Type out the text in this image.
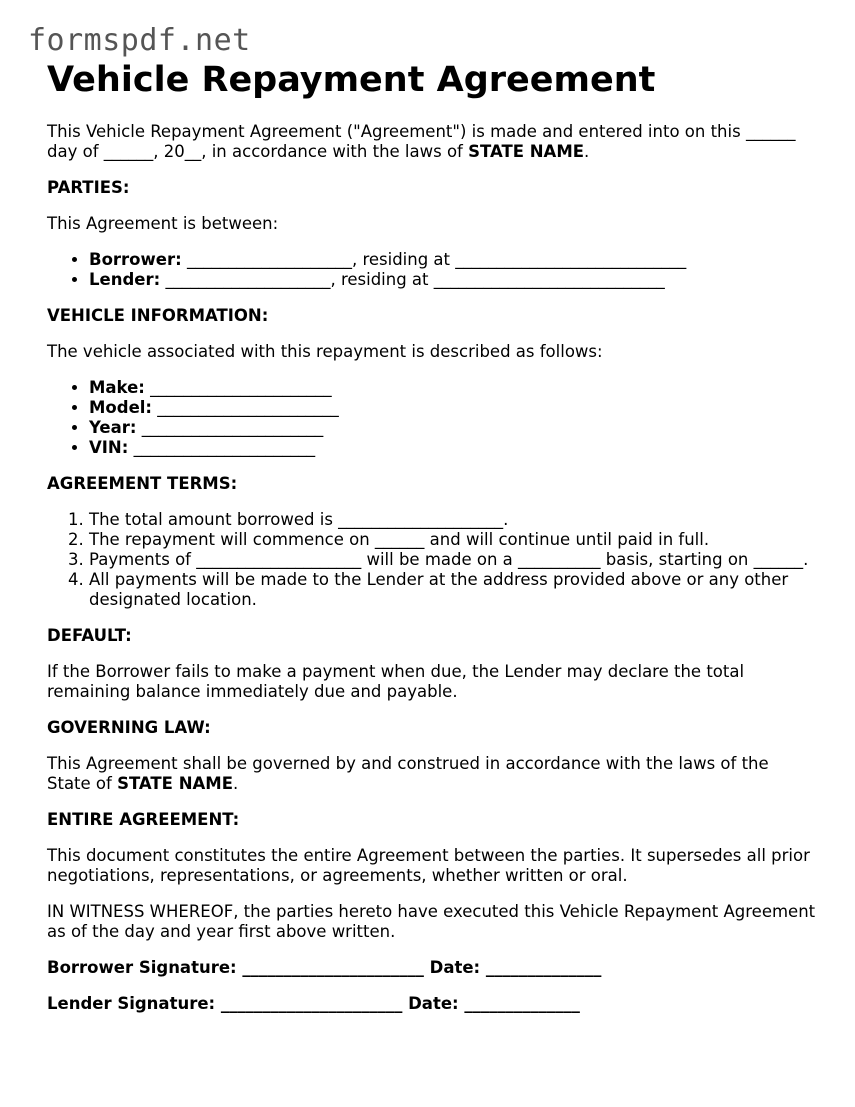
formspdf.net
Vehicle Repayment Agreement

This Vehicle Repayment Agreement ("Agreement") is made and entered into on this ______ day of ______, 20__, in accordance with the laws of STATE NAME.

PARTIES:

This Agreement is between:

• Borrower: ____________________, residing at ____________________________
• Lender: ____________________, residing at ____________________________

VEHICLE INFORMATION:

The vehicle associated with this repayment is described as follows:

• Make: ______________________
• Model: ______________________
• Year: ______________________
• VIN: ______________________

AGREEMENT TERMS:

1. The total amount borrowed is ____________________.
2. The repayment will commence on ______ and will continue until paid in full.
3. Payments of ____________________ will be made on a __________ basis, starting on ______.
4. All payments will be made to the Lender at the address provided above or any other designated location.

DEFAULT:

If the Borrower fails to make a payment when due, the Lender may declare the total remaining balance immediately due and payable.

GOVERNING LAW:

This Agreement shall be governed by and construed in accordance with the laws of the State of STATE NAME.

ENTIRE AGREEMENT:

This document constitutes the entire Agreement between the parties. It supersedes all prior negotiations, representations, or agreements, whether written or oral.

IN WITNESS WHEREOF, the parties hereto have executed this Vehicle Repayment Agreement as of the day and year first above written.

Borrower Signature: ______________________ Date: ______________

Lender Signature: ______________________ Date: ______________
